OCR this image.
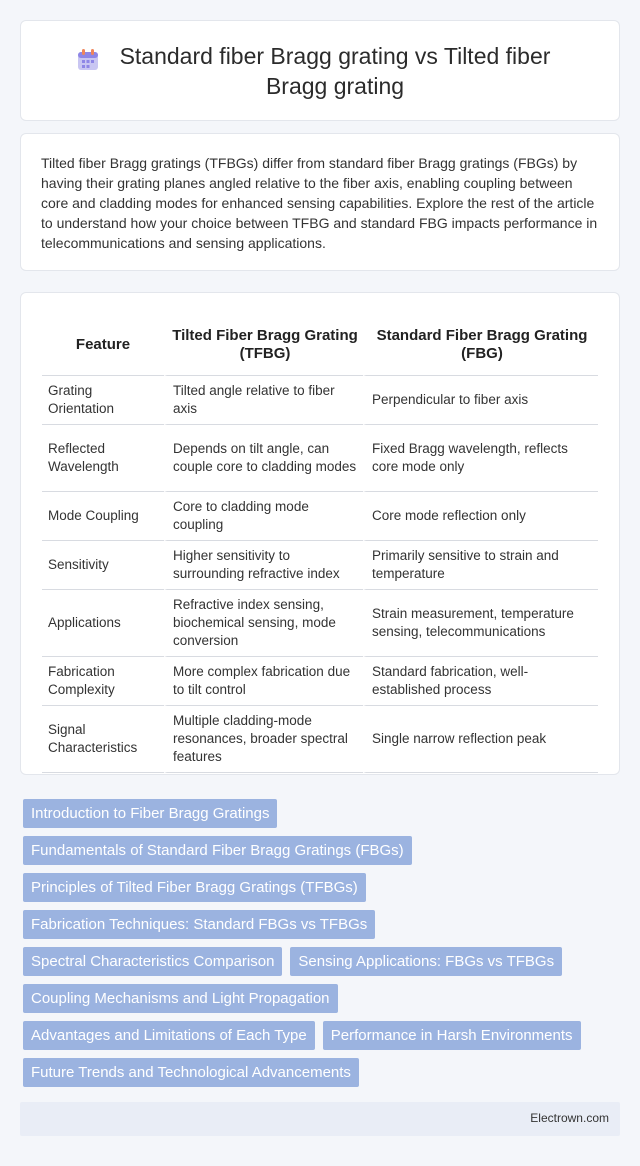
Standard fiber Bragg grating vs Tilted fiber Bragg grating

Tilted fiber Bragg gratings (TFBGs) differ from standard fiber Bragg gratings (FBGs) by having their grating planes angled relative to the fiber axis, enabling coupling between core and cladding modes for enhanced sensing capabilities. Explore the rest of the article to understand how your choice between TFBG and standard FBG impacts performance in telecommunications and sensing applications.

Feature	Tilted Fiber Bragg Grating (TFBG)	Standard Fiber Bragg Grating (FBG)
Grating Orientation	Tilted angle relative to fiber axis	Perpendicular to fiber axis
Reflected Wavelength	Depends on tilt angle, can couple core to cladding modes	Fixed Bragg wavelength, reflects core mode only
Mode Coupling	Core to cladding mode coupling	Core mode reflection only
Sensitivity	Higher sensitivity to surrounding refractive index	Primarily sensitive to strain and temperature
Applications	Refractive index sensing, biochemical sensing, mode conversion	Strain measurement, temperature sensing, telecommunications
Fabrication Complexity	More complex fabrication due to tilt control	Standard fabrication, well-established process
Signal Characteristics	Multiple cladding-mode resonances, broader spectral features	Single narrow reflection peak
Introduction to Fiber Bragg Gratings
Fundamentals of Standard Fiber Bragg Gratings (FBGs)
Principles of Tilted Fiber Bragg Gratings (TFBGs)
Fabrication Techniques: Standard FBGs vs TFBGs
Spectral Characteristics Comparison	Sensing Applications: FBGs vs TFBGs
Coupling Mechanisms and Light Propagation
Advantages and Limitations of Each Type	Performance in Harsh Environments
Future Trends and Technological Advancements
Electrown.com
